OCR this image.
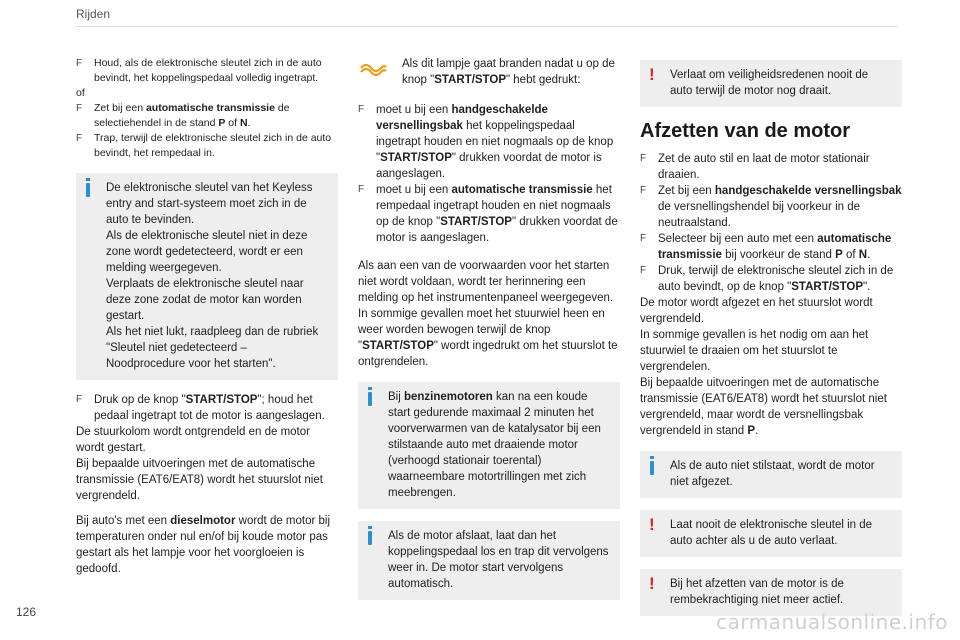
Rijden
F	Houd, als de elektronische sleutel zich in de auto bevindt, het koppelingspedaal volledig ingetrapt.

of

F	Zet bij een automatische transmissie de selectiehendel in de stand P of N.
F	Trap, terwijl de elektronische sleutel zich in de auto bevindt, het rempedaal in.

De elektronische sleutel van het Keyless entry and start-systeem moet zich in de auto te bevinden.

Als de elektronische sleutel niet in deze zone wordt gedetecteerd, wordt er een melding weergegeven.

Verplaats de elektronische sleutel naar deze zone zodat de motor kan worden gestart.

Als het niet lukt, raadpleeg dan de rubriek "Sleutel niet gedetecteerd – Noodprocedure voor het starten".

F	Druk op de knop "START/STOP"; houd het pedaal ingetrapt tot de motor is aangeslagen.

De stuurkolom wordt ontgrendeld en de motor wordt gestart.

Bij bepaalde uitvoeringen met de automatische transmissie (EAT6/EAT8) wordt het stuurslot niet vergrendeld.

Bij auto's met een dieselmotor wordt de motor bij temperaturen onder nul en/of bij koude motor pas gestart als het lampje voor het voorgloeien is gedoofd.

Als dit lampje gaat branden nadat u op de knop "START/STOP" hebt gedrukt:
F	moet u bij een handgeschakelde versnellingsbak het koppelingspedaal ingetrapt houden en niet nogmaals op de knop "START/STOP" drukken voordat de motor is aangeslagen.
F	moet u bij een automatische transmissie het rempedaal ingetrapt houden en niet nogmaals op de knop "START/STOP" drukken voordat de motor is aangeslagen.

Als aan een van de voorwaarden voor het starten niet wordt voldaan, wordt ter herinnering een melding op het instrumentenpaneel weergegeven.

In sommige gevallen moet het stuurwiel heen en weer worden bewogen terwijl de knop "START/STOP" wordt ingedrukt om het stuurslot te ontgrendelen.

Bij benzinemotoren kan na een koude start gedurende maximaal 2 minuten het voorverwarmen van de katalysator bij een stilstaande auto met draaiende motor (verhoogd stationair toerental) waarneembare motortrillingen met zich meebrengen.

Als de motor afslaat, laat dan het koppelingspedaal los en trap dit vervolgens weer in. De motor start vervolgens automatisch.

! Verlaat om veiligheidsredenen nooit de auto terwijl de motor nog draait.

Afzetten van de motor
F	Zet de auto stil en laat de motor stationair draaien.
F	Zet bij een handgeschakelde versnellingsbak de versnellingshendel bij voorkeur in de neutraalstand.
F	Selecteer bij een auto met een automatische transmissie bij voorkeur de stand P of N.
F	Druk, terwijl de elektronische sleutel zich in de auto bevindt, op de knop "START/STOP".

De motor wordt afgezet en het stuurslot wordt vergrendeld.

In sommige gevallen is het nodig om aan het stuurwiel te draaien om het stuurslot te vergrendelen.

Bij bepaalde uitvoeringen met de automatische transmissie (EAT6/EAT8) wordt het stuurslot niet vergrendeld, maar wordt de versnellingsbak vergrendeld in stand P.

Als de auto niet stilstaat, wordt de motor niet afgezet.

! Laat nooit de elektronische sleutel in de auto achter als u de auto verlaat.

! Bij het afzetten van de motor is de rembekrachtiging niet meer actief.

126	carmanualsonline.info
